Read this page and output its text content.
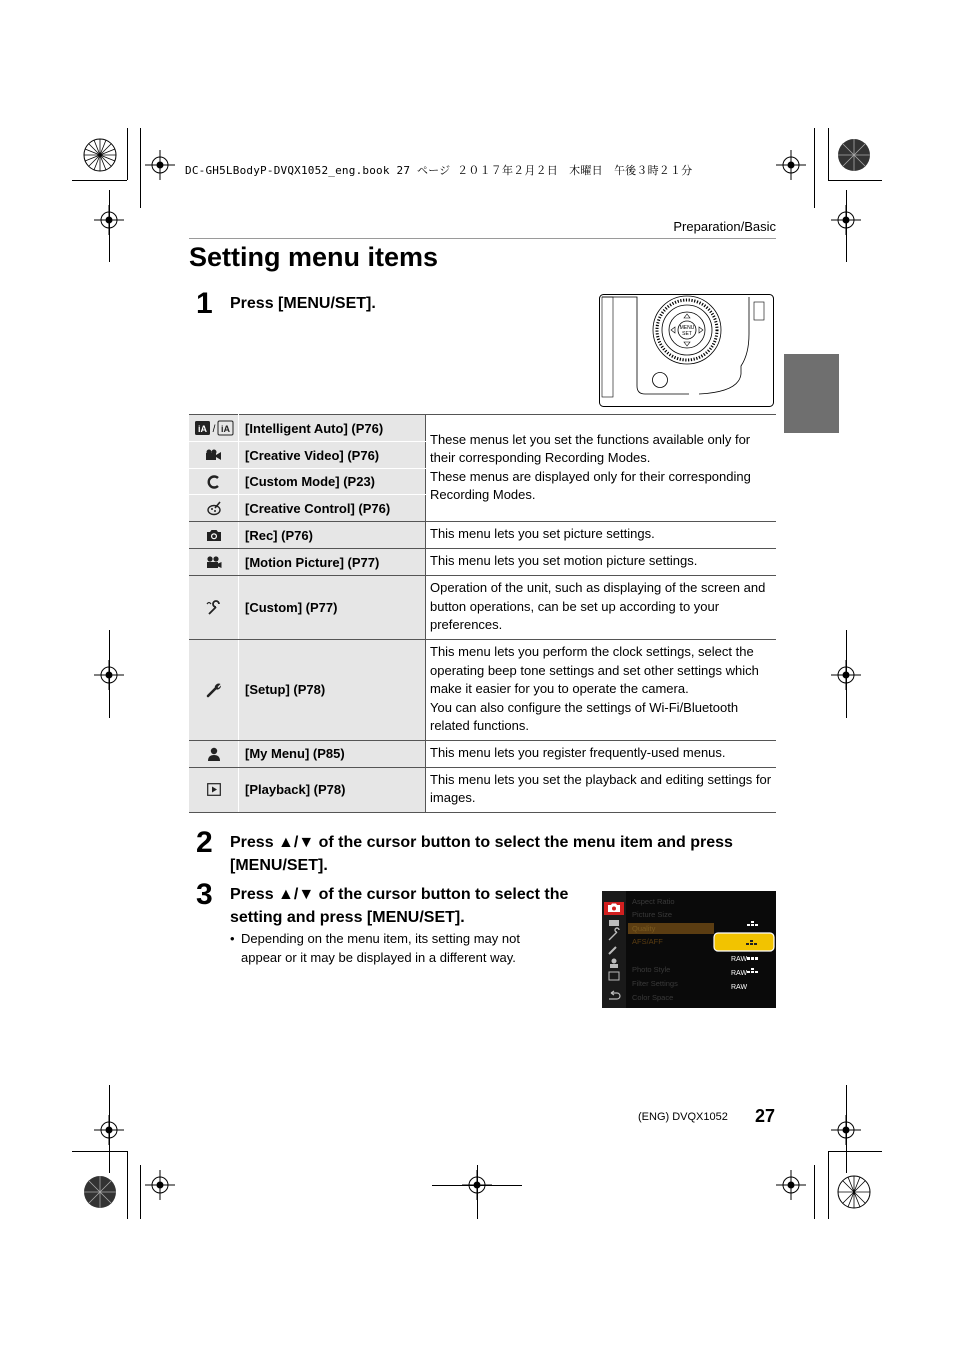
DC-GH5LBodyP-DVQX1052_eng.book 27 ページ ２０１７年２月２日　木曜日　午後３時２１分
Preparation/Basic
Setting menu items
1 Press [MENU/SET].
MENU
SET
iA / iA	[Intelligent Auto] (P76)	These menus let you set the functions available only for their corresponding Recording Modes.
These menus are displayed only for their corresponding Recording Modes.

	[Creative Video] (P76)	

	[Custom Mode] (P23)	

	[Creative Control] (P76)	

	[Rec] (P76)	This menu lets you set picture settings.

	[Motion Picture] (P77)	This menu lets you set motion picture settings.

	[Custom] (P77)	Operation of the unit, such as displaying of the screen and button operations, can be set up according to your preferences.

	[Setup] (P78)	This menu lets you perform the clock settings, select the operating beep tone settings and set other settings which make it easier for you to operate the camera.
You can also configure the settings of Wi-Fi/Bluetooth related functions.

	[My Menu] (P85)	This menu lets you register frequently-used menus.

	[Playback] (P78)	This menu lets you set the playback and editing settings for images.
2 Press ▲/▼ of the cursor button to select the menu item and press [MENU/SET].
3 Press ▲/▼ of the cursor button to select the setting and press [MENU/SET].
• Depending on the menu item, its setting may not appear or it may be displayed in a different way.
Aspect Ratio
Picture Size
Quality
AFS/AFF
Photo Style
Filter Settings
Color Space
RAW
RAW
RAW
(ENG) DVQX1052 27
